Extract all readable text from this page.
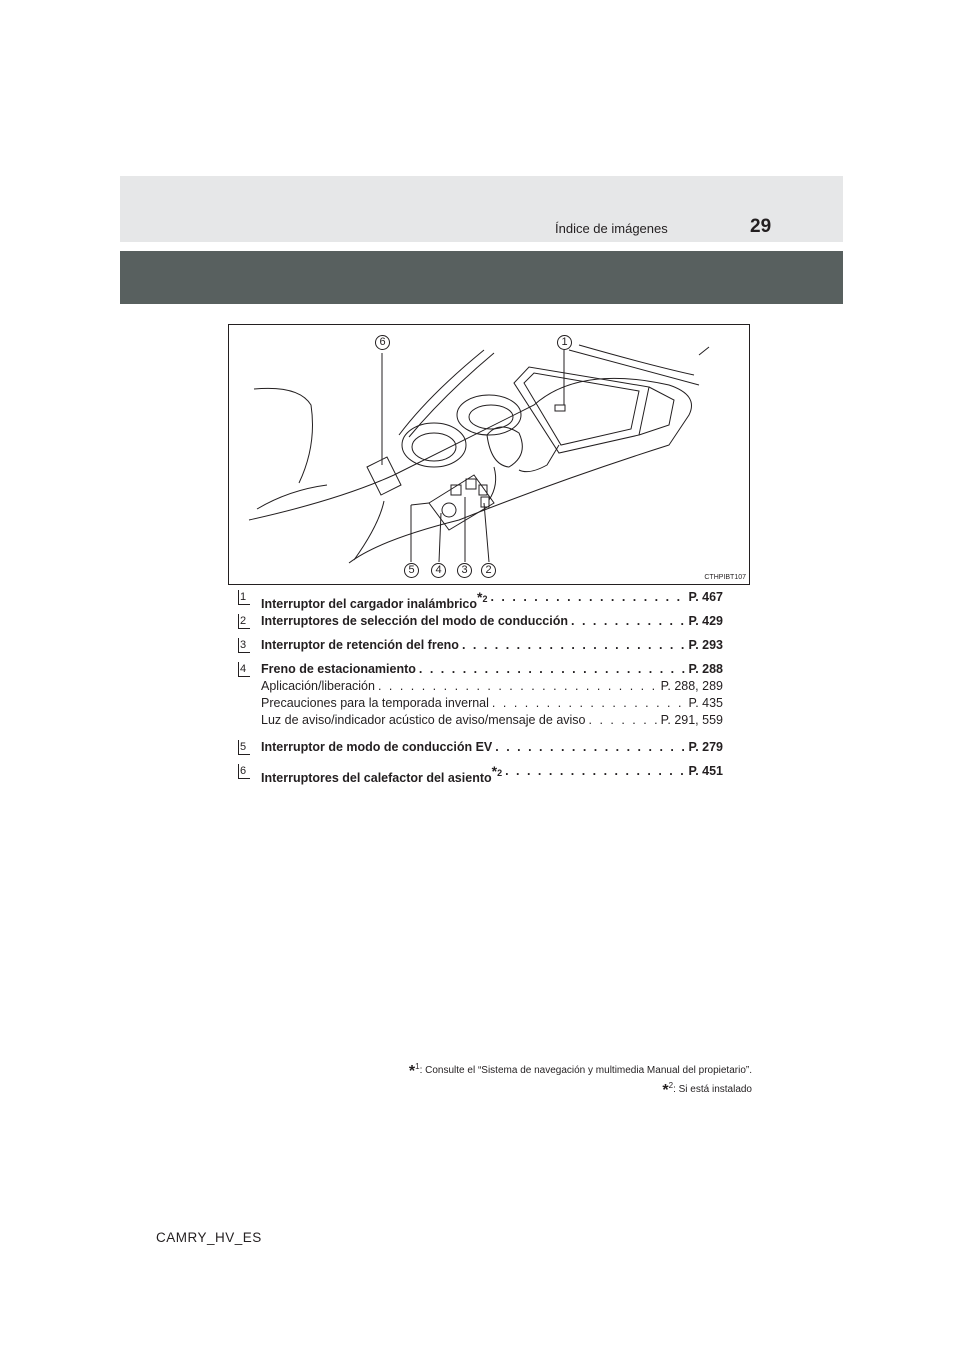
Índice de imágenes	29
6	1
5	4	3	2
CTHPIBT107
1	Interruptor del cargador inalámbrico$^{*2}$ . . .	P. 467
2	Interruptores de selección del modo de conducción . . .	P. 429
3	Interruptor de retención del freno . . .	P. 293
4	Freno de estacionamiento . . .	P. 288
Aplicación/liberación . . .	P. 288, 289
Precauciones para la temporada invernal . . .	P. 435
Luz de aviso/indicador acústico de aviso/mensaje de aviso . . .	P. 291, 559
5	Interruptor de modo de conducción EV . . .	P. 279
6	Interruptores del calefactor del asiento$^{*2}$ . . .	P. 451
*$^1$: Consulte el “Sistema de navegación y multimedia Manual del propietario”.
*$^2$: Si está instalado
CAMRY_HV_ES
